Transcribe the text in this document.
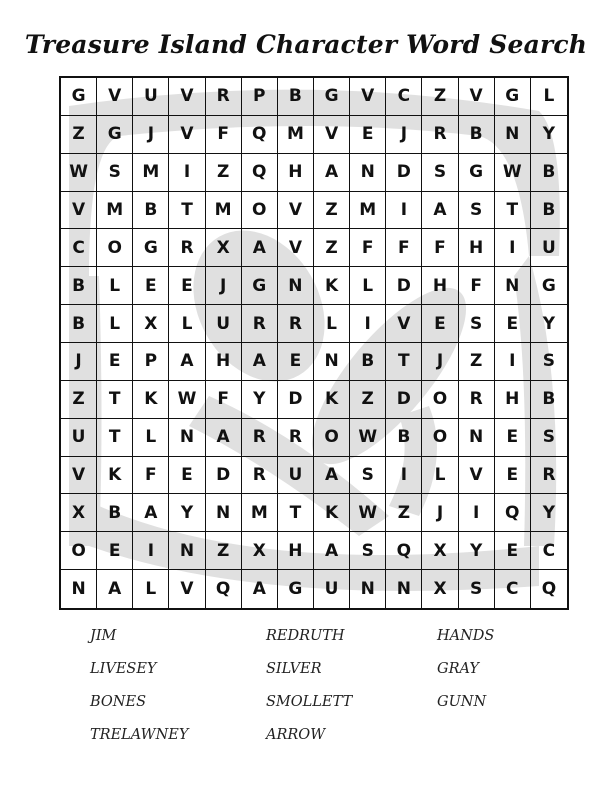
Treasure Island Character Word Search
G	V	U	V	R	P	B	G	V	C	Z	V	G	L
Z	G	J	V	F	Q	M	V	E	J	R	B	N	Y
W	S	M	I	Z	Q	H	A	N	D	S	G	W	B
V	M	B	T	M	O	V	Z	M	I	A	S	T	B
C	O	G	R	X	A	V	Z	F	F	F	H	I	U
B	L	E	E	J	G	N	K	L	D	H	F	N	G
B	L	X	L	U	R	R	L	I	V	E	S	E	Y
J	E	P	A	H	A	E	N	B	T	J	Z	I	S
Z	T	K	W	F	Y	D	K	Z	D	O	R	H	B
U	T	L	N	A	R	R	O	W	B	O	N	E	S
V	K	F	E	D	R	U	A	S	I	L	V	E	R
X	B	A	Y	N	M	T	K	W	Z	J	I	Q	Y
O	E	I	N	Z	X	H	A	S	Q	X	Y	E	C
N	A	L	V	Q	A	G	U	N	N	X	S	C	Q
JIM	REDRUTH	HANDS
LIVESEY	SILVER	GRAY
BONES	SMOLLETT	GUNN
TRELAWNEY	ARROW
